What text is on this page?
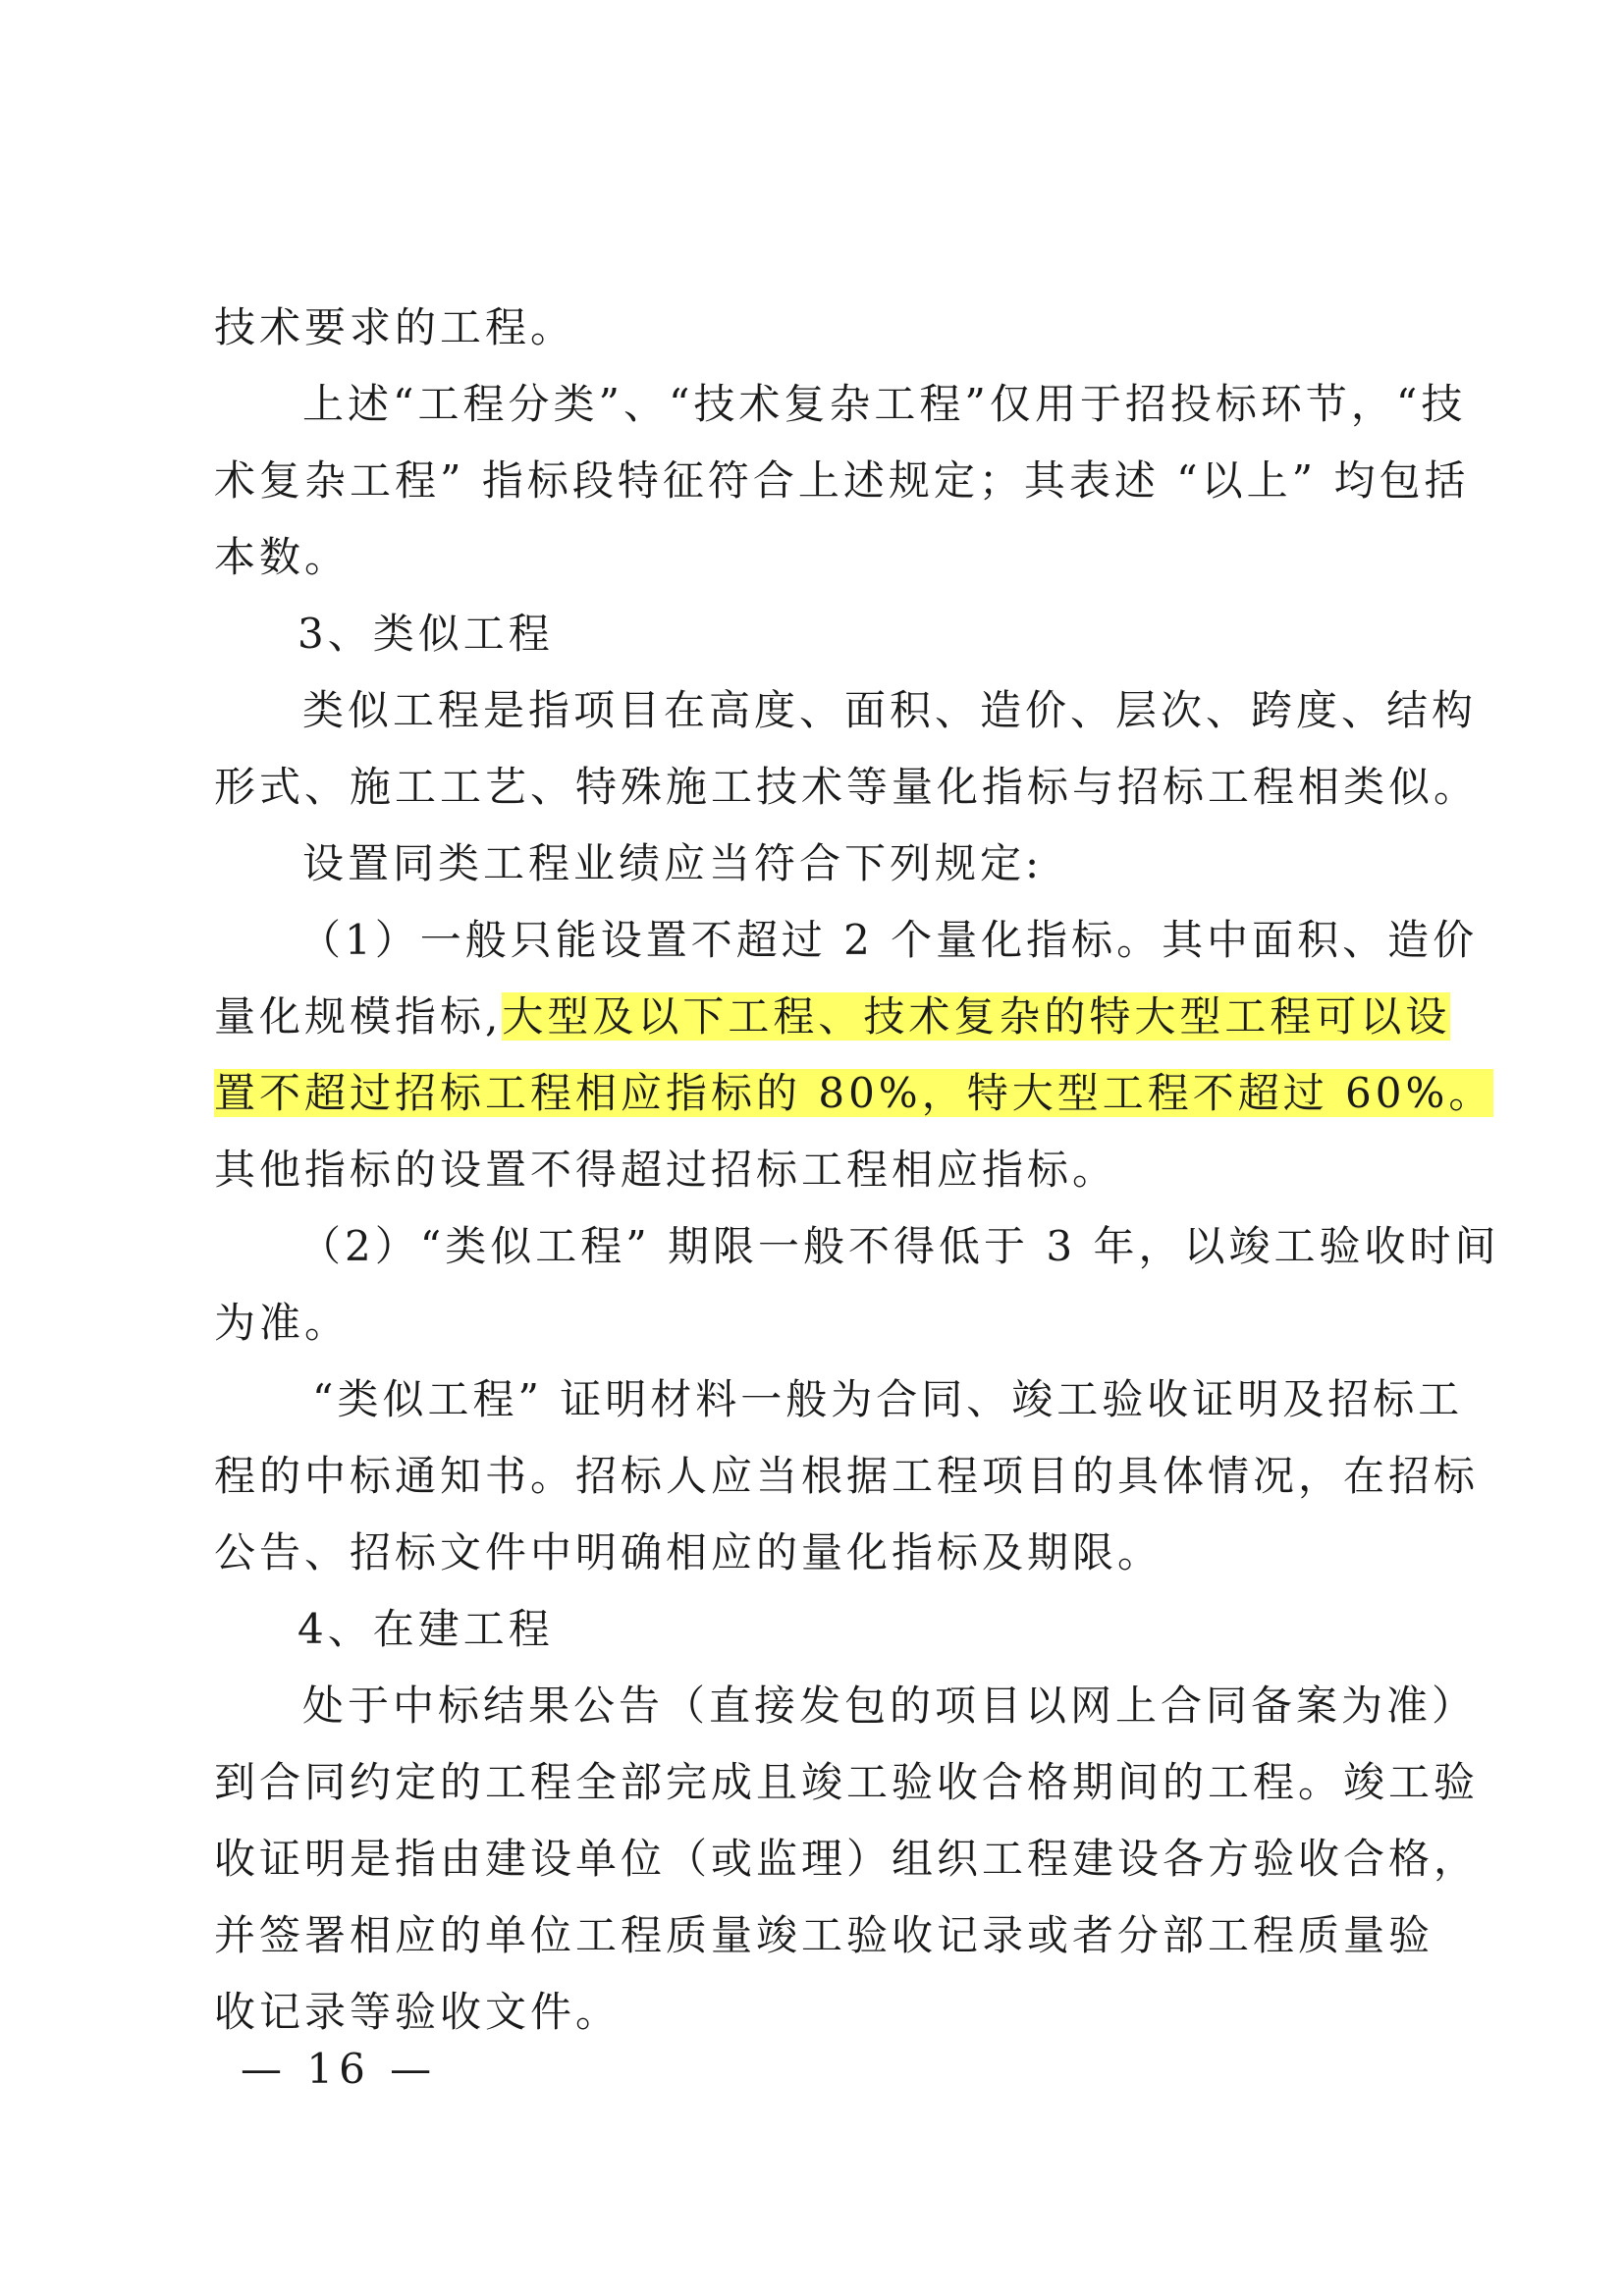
技术要求的工程。
上述“工程分类”、“技术复杂工程”仅用于招投标环节，“技
术复杂工程” 指标段特征符合上述规定；其表述 “以上” 均包括
本数。
3、类似工程
类似工程是指项目在高度、面积、造价、层次、跨度、结构
形式、施工工艺、特殊施工技术等量化指标与招标工程相类似。
设置同类工程业绩应当符合下列规定:
（1）一般只能设置不超过 2 个量化指标。其中面积、造价
量化规模指标,大型及以下工程、技术复杂的特大型工程可以设
置不超过招标工程相应指标的 80%，特大型工程不超过 60%。
其他指标的设置不得超过招标工程相应指标。
（2）“类似工程” 期限一般不得低于 3 年，以竣工验收时间
为准。
“类似工程” 证明材料一般为合同、竣工验收证明及招标工
程的中标通知书。招标人应当根据工程项目的具体情况，在招标
公告、招标文件中明确相应的量化指标及期限。
4、在建工程
处于中标结果公告（直接发包的项目以网上合同备案为准）
到合同约定的工程全部完成且竣工验收合格期间的工程。竣工验
收证明是指由建设单位（或监理）组织工程建设各方验收合格，
并签署相应的单位工程质量竣工验收记录或者分部工程质量验
收记录等验收文件。
— 16 —
